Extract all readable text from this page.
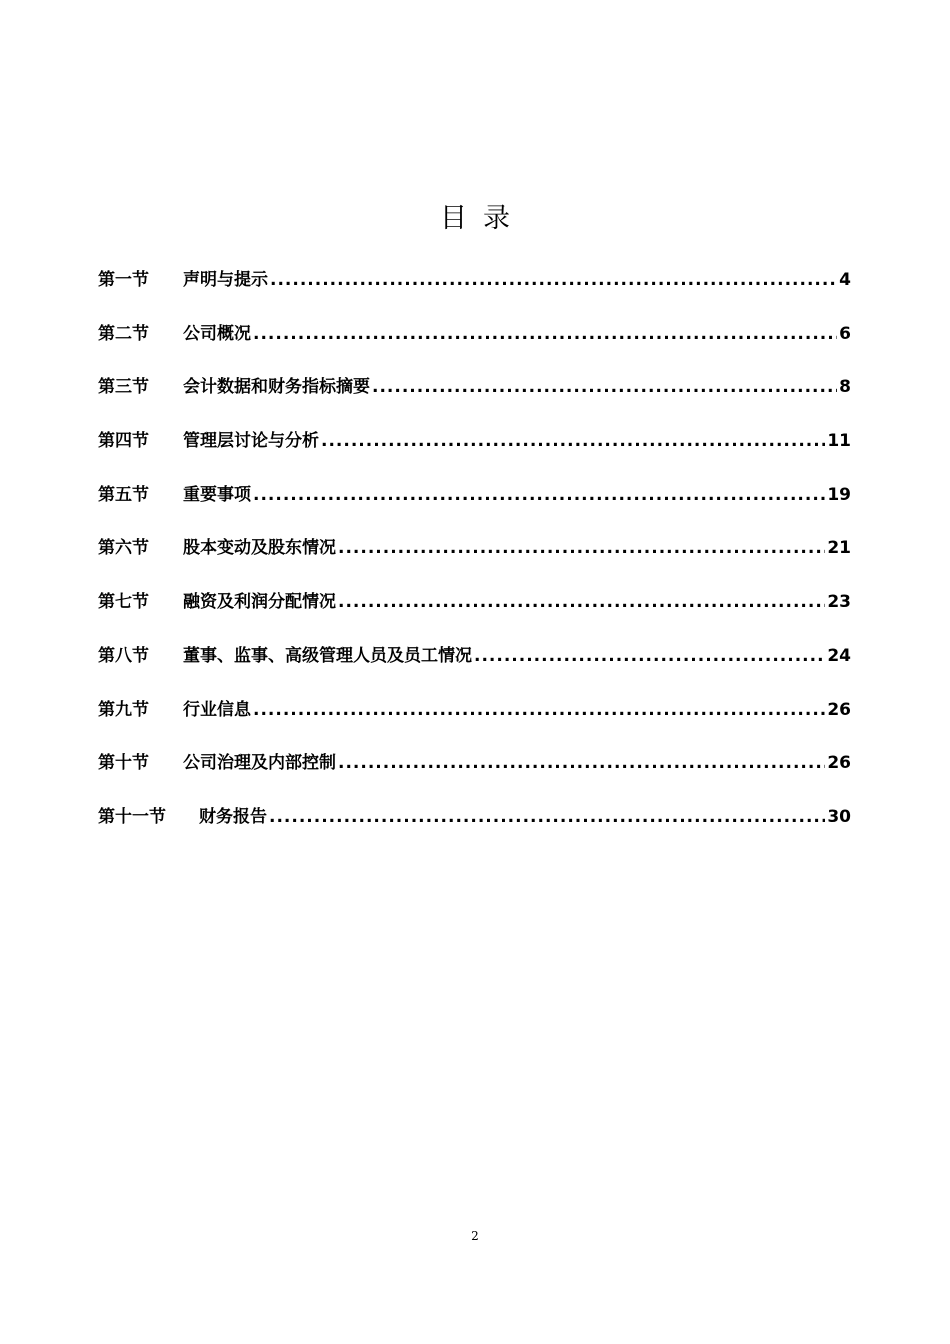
目录
第一节	声明与提示 .....	4
第二节	公司概况 .....	6
第三节	会计数据和财务指标摘要 .....	8
第四节	管理层讨论与分析 .....	11
第五节	重要事项 .....	19
第六节	股本变动及股东情况 .....	21
第七节	融资及利润分配情况 .....	23
第八节	董事、监事、高级管理人员及员工情况 .....	24
第九节	行业信息 .....	26
第十节	公司治理及内部控制 .....	26
第十一节	财务报告 .....	30
2
